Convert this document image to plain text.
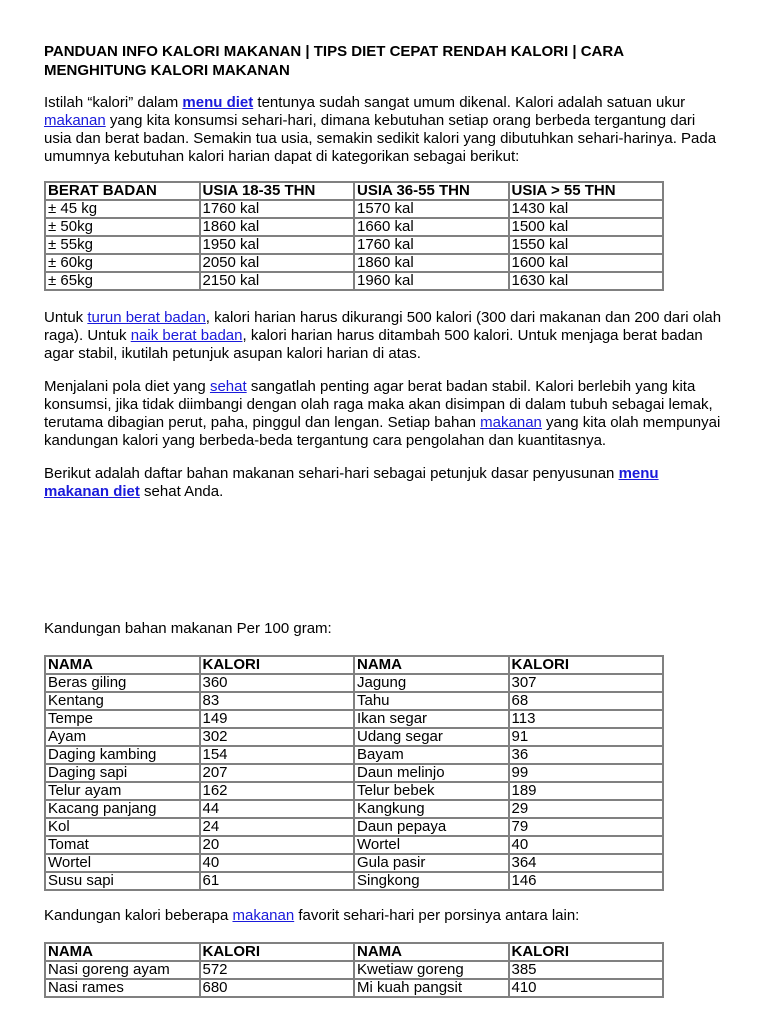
PANDUAN INFO KALORI MAKANAN | TIPS DIET CEPAT RENDAH KALORI | CARA MENGHITUNG KALORI MAKANAN

Istilah “kalori” dalam menu diet tentunya sudah sangat umum dikenal. Kalori adalah satuan ukur makanan yang kita konsumsi sehari-hari, dimana kebutuhan setiap orang berbeda tergantung dari usia dan berat badan. Semakin tua usia, semakin sedikit kalori yang dibutuhkan sehari-harinya. Pada umumnya kebutuhan kalori harian dapat di kategorikan sebagai berikut:

BERAT BADAN	USIA 18-35 THN	USIA 36-55 THN	USIA > 55 THN
± 45 kg	1760 kal	1570 kal	1430 kal
± 50kg	1860 kal	1660 kal	1500 kal
± 55kg	1950 kal	1760 kal	1550 kal
± 60kg	2050 kal	1860 kal	1600 kal
± 65kg	2150 kal	1960 kal	1630 kal

Untuk turun berat badan, kalori harian harus dikurangi 500 kalori (300 dari makanan dan 200 dari olah raga). Untuk naik berat badan, kalori harian harus ditambah 500 kalori. Untuk menjaga berat badan agar stabil, ikutilah petunjuk asupan kalori harian di atas.

Menjalani pola diet yang sehat sangatlah penting agar berat badan stabil. Kalori berlebih yang kita konsumsi, jika tidak diimbangi dengan olah raga maka akan disimpan di dalam tubuh sebagai lemak, terutama dibagian perut, paha, pinggul dan lengan. Setiap bahan makanan yang kita olah mempunyai kandungan kalori yang berbeda-beda tergantung cara pengolahan dan kuantitasnya.

Berikut adalah daftar bahan makanan sehari-hari sebagai petunjuk dasar penyusunan menu makanan diet sehat Anda.

Kandungan bahan makanan Per 100 gram:

NAMA	KALORI	NAMA	KALORI
Beras giling	360	Jagung	307
Kentang	83	Tahu	68
Tempe	149	Ikan segar	113
Ayam	302	Udang segar	91
Daging kambing	154	Bayam	36
Daging sapi	207	Daun melinjo	99
Telur ayam	162	Telur bebek	189
Kacang panjang	44	Kangkung	29
Kol	24	Daun pepaya	79
Tomat	20	Wortel	40
Wortel	40	Gula pasir	364
Susu sapi	61	Singkong	146

Kandungan kalori beberapa makanan favorit sehari-hari per porsinya antara lain:

NAMA	KALORI	NAMA	KALORI
Nasi goreng ayam	572	Kwetiaw goreng	385
Nasi rames	680	Mi kuah pangsit	410
